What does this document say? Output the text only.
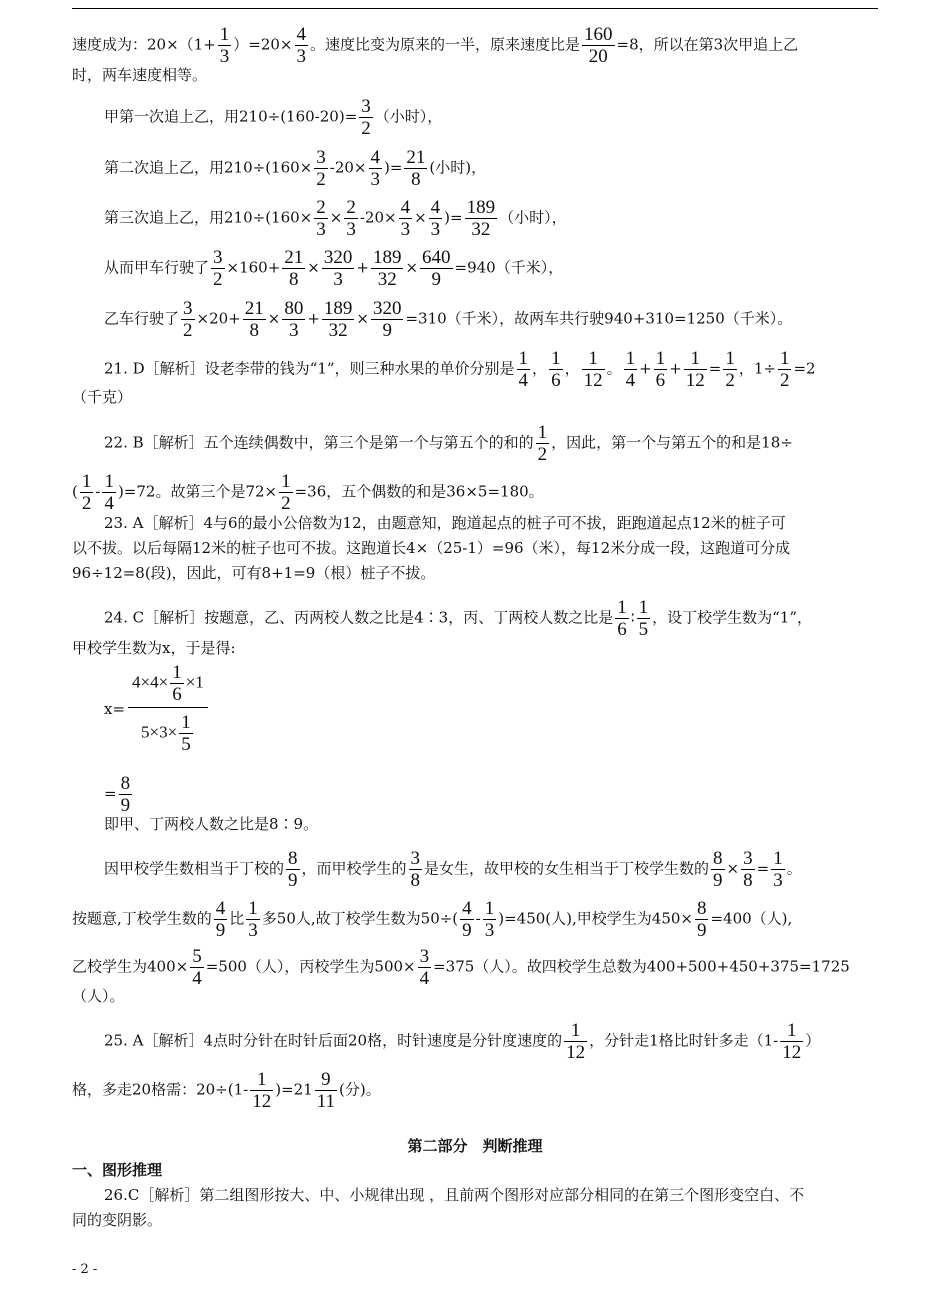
速度成为：$20\times(1+ \frac{1}{3} )=20\times \frac{4}{3}$ 。速度比变为原来的一半，原来速度比是 $\frac{160}{20} =8$，所以在第3次甲追上乙
时，两车速度相等。
甲第一次追上乙，用$210\div(160-20)= \frac{3}{2}$ （小时），
第二次追上乙，用$210\div(160\times \frac{3}{2} -20\times \frac{4}{3}$ )= $\frac{21}{8}$ (小时)，
第三次追上乙，用$210\div(160\times \frac{2}{3} \times \frac{2}{3} -20\times \frac{4}{3} \times \frac{4}{3}$ )= $\frac{189}{32}$ （小时），
从而甲车行驶了 $\frac{3}{2} \times 160+ \frac{21}{8} \times \frac{320}{3} + \frac{189}{32} \times \frac{640}{9} =940$（千米），
乙车行驶了 $\frac{3}{2} \times 20+ \frac{21}{8} \times \frac{80}{3} + \frac{189}{32} \times \frac{320}{9} =310$（千米），故两车共行驶940+310=1250（千米）。
21. D［解析］设老李带的钱为“1”，则三种水果的单价分别是 $\frac{1}{4}$ ， $\frac{1}{6}$ ， $\frac{1}{12}$ 。 $\frac{1}{4} + \frac{1}{6} + \frac{1}{12} = \frac{1}{2}$ ，$1\div \frac{1}{2} =2$
（千克）
22. B［解析］五个连续偶数中，第三个是第一个与第五个的和的 $\frac{1}{2}$ ，因此，第一个与第五个的和是18÷
( $\frac{1}{2} - \frac{1}{4} )=72$。故第三个是$72\times \frac{1}{2} =36$，五个偶数的和是36×5=180。
23. A［解析］4与6的最小公倍数为12，由题意知，跑道起点的桩子可不拔，距跑道起点12米的桩子可
以不拔。以后每隔12米的桩子也可不拔。这跑道长4×（25-1）=96（米），每12米分成一段，这跑道可分成
96÷12=8(段)，因此，可有8+1=9（根）桩子不拔。
24. C［解析］按题意，乙、丙两校人数之比是4∶3，丙、丁两校人数之比是 $\frac{1}{6}$ ∶ $\frac{1}{5}$ ，设丁校学生数为“1”，
甲校学生数为x，于是得:
x=
$4\times 4\times \frac{1}{6} \times 1$
$5\times 3\times \frac{1}{5}$
= $\frac{8}{9}$
即甲、丁两校人数之比是8∶9。
因甲校学生数相当于丁校的 $\frac{8}{9}$ ，而甲校学生的 $\frac{3}{8}$ 是女生，故甲校的女生相当于丁校学生数的 $\frac{8}{9} \times \frac{3}{8} = \frac{1}{3}$ 。
按题意,丁校学生数的 $\frac{4}{9}$ 比 $\frac{1}{3}$ 多50人,故丁校学生数为$50\div( \frac{4}{9} - \frac{1}{3} )=450$(人),甲校学生为$450\times \frac{8}{9} =400$（人),
乙校学生为$400\times \frac{5}{4} =500$（人），丙校学生为$500\times \frac{3}{4} =375$（人）。故四校学生总数为400+500+450+375=1725
（人）。
25. A［解析］4点时分针在时针后面20格，时针速度是分针度速度的 $\frac{1}{12}$ ，分针走1格比时针多走（$1- \frac{1}{12}$ ）
格，多走20格需：$20\div(1- \frac{1}{12} )=21 \frac{9}{11}$ (分)。
第二部分　判断推理
一、图形推理
26.C［解析］第二组图形按大、中、小规律出现 ，且前两个图形对应部分相同的在第三个图形变空白、不
同的变阴影。
- 2 -
